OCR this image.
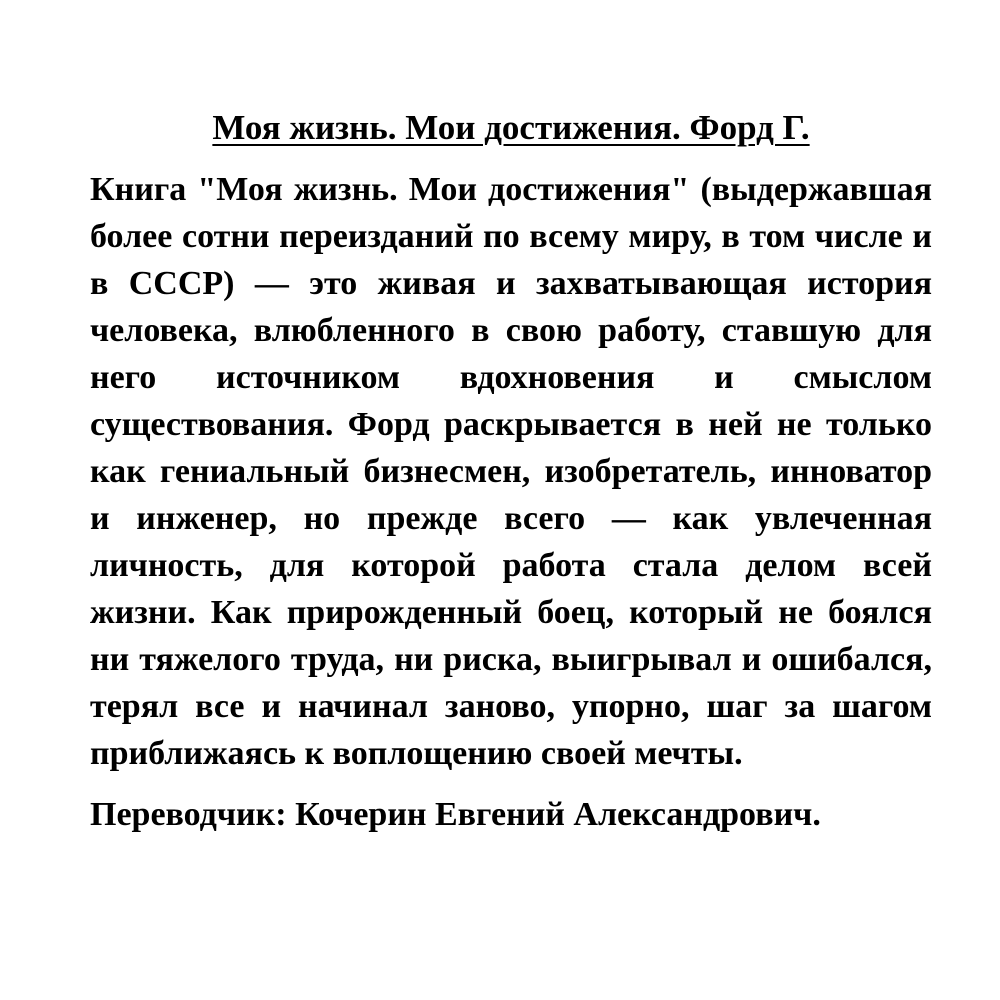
Моя жизнь. Мои достижения. Форд Г.

Книга "Моя жизнь. Мои достижения" (выдержавшая более сотни переизданий по всему миру, в том числе и в СССР) — это живая и захватывающая история человека, влюбленного в свою работу, ставшую для него источником вдохновения и смыслом существования. Форд раскрывается в ней не только как гениальный бизнесмен, изобретатель, инноватор и инженер, но прежде всего — как увлеченная личность, для которой работа стала делом всей жизни. Как прирожденный боец, который не боялся ни тяжелого труда, ни риска, выигрывал и ошибался, терял все и начинал заново, упорно, шаг за шагом приближаясь к воплощению своей мечты.

Переводчик: Кочерин Евгений Александрович.
